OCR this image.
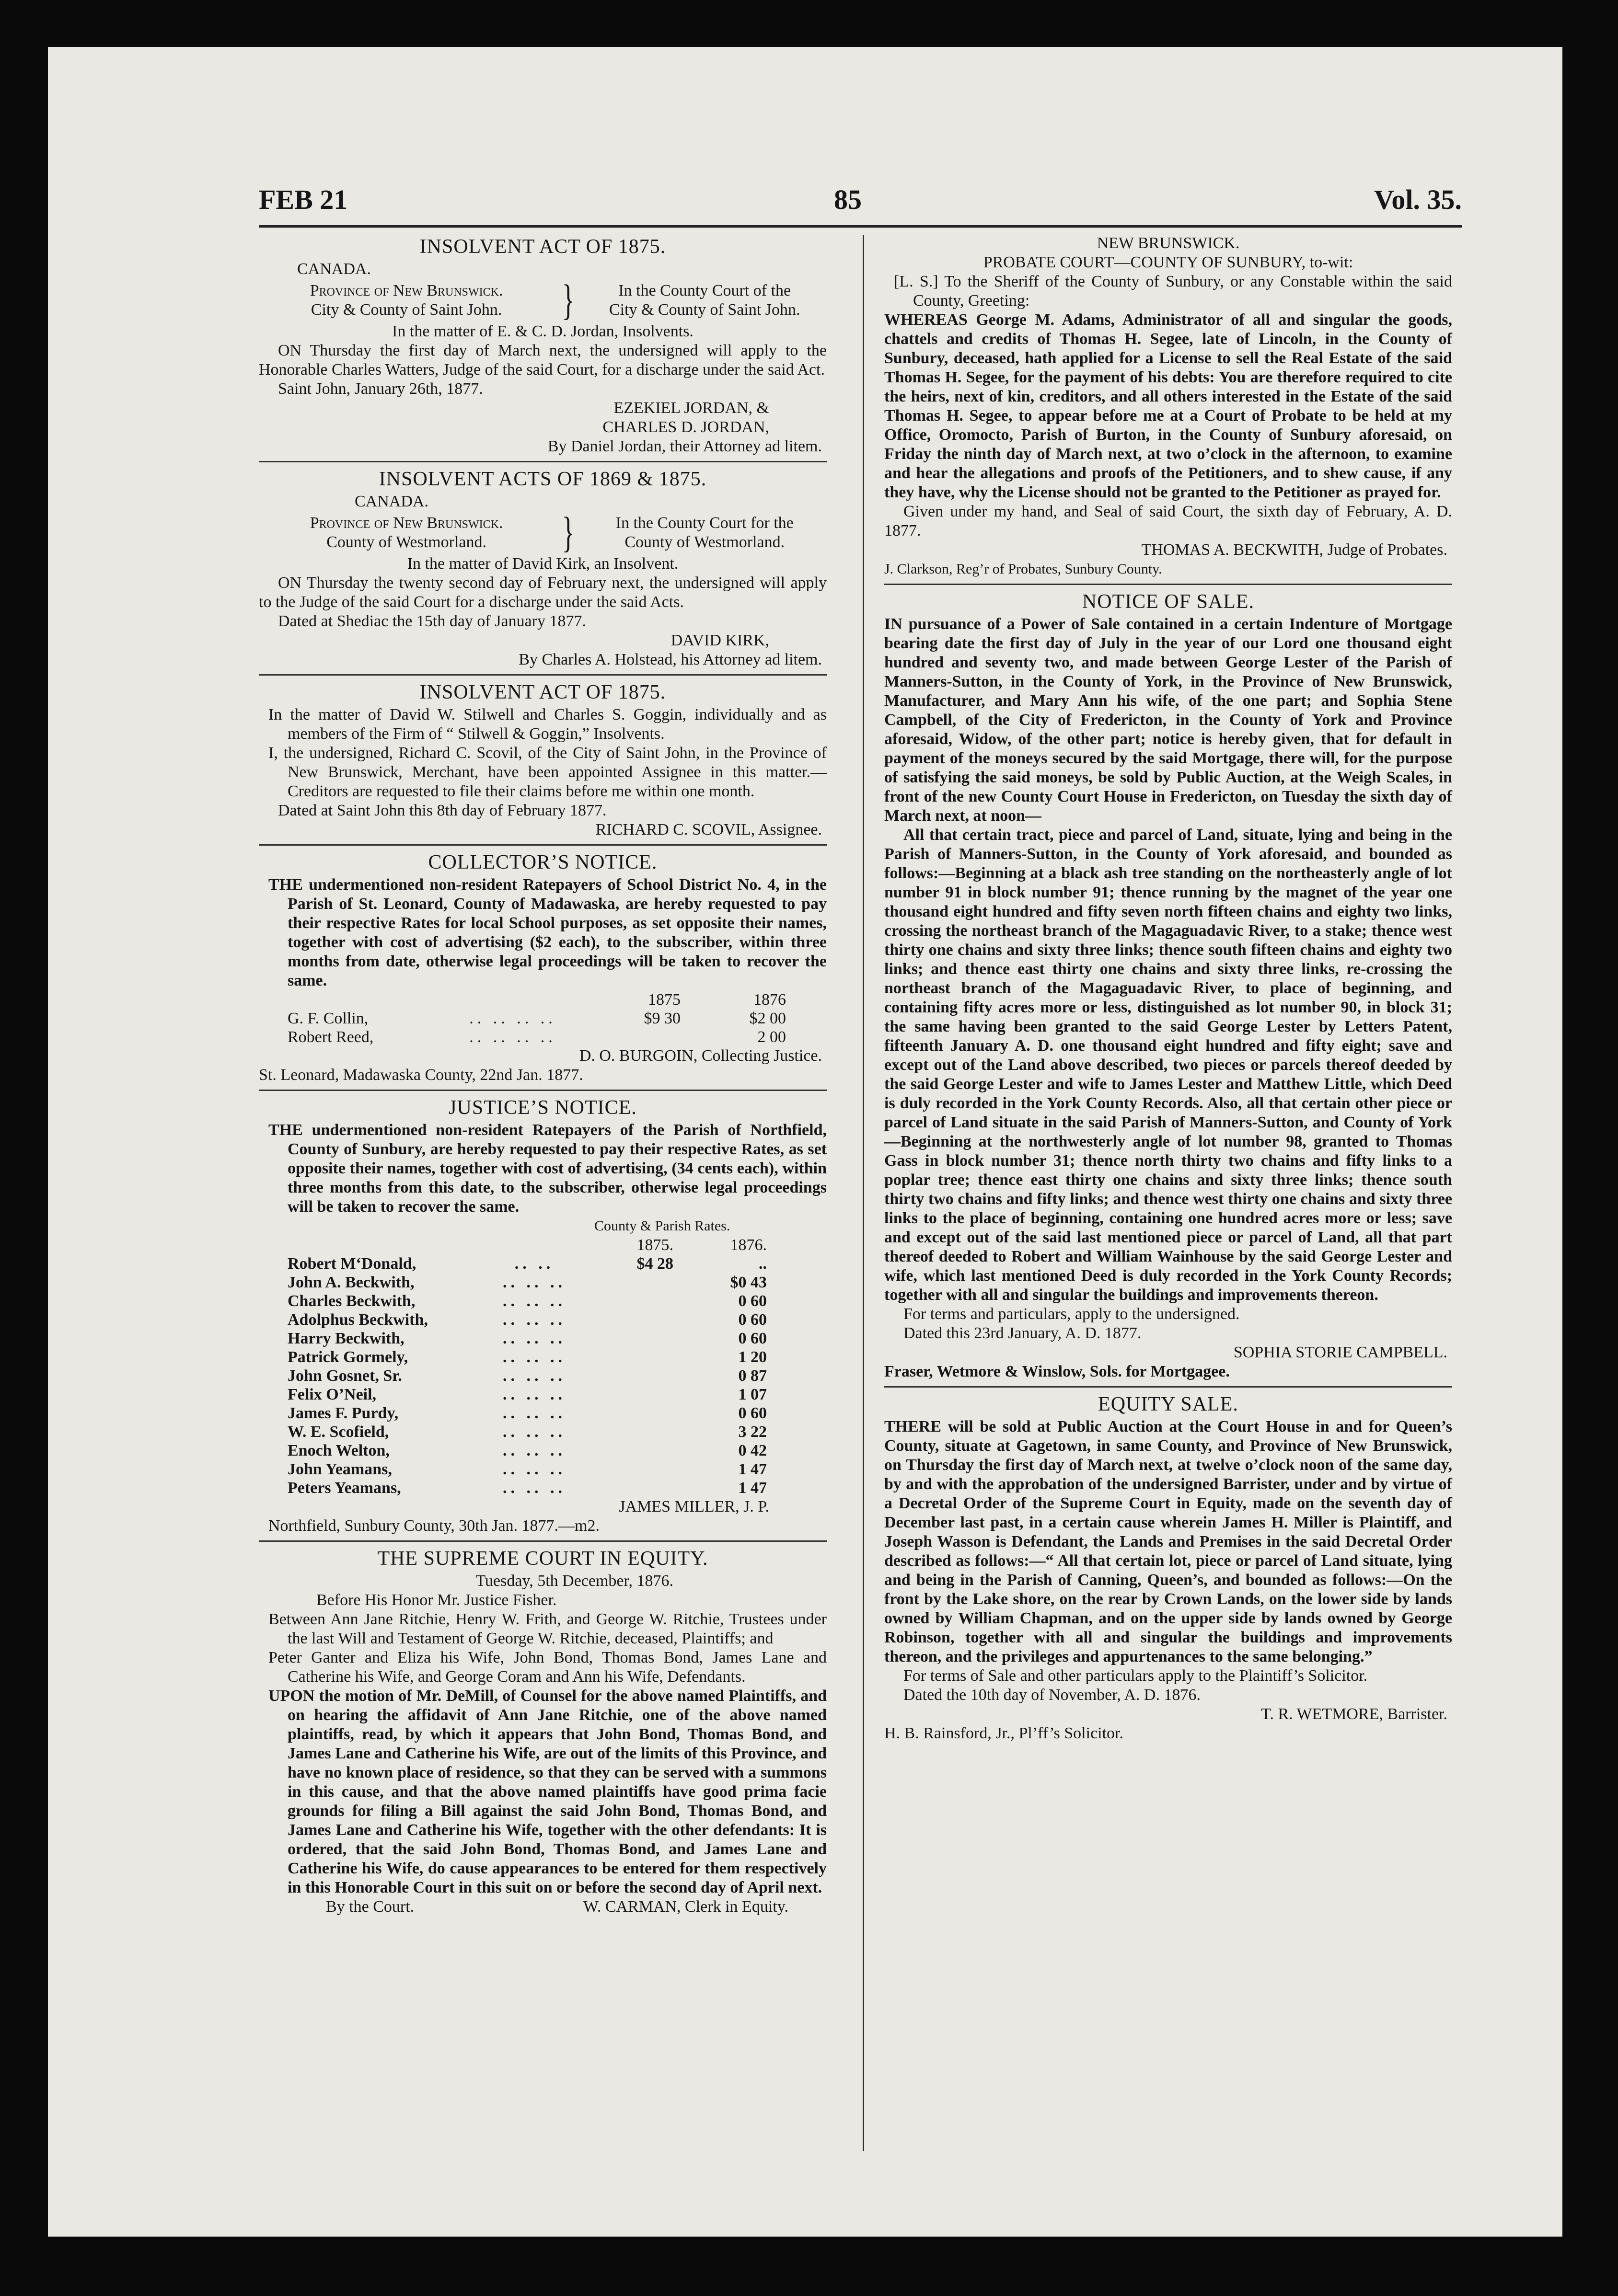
FEB 21	85	Vol. 35.
INSOLVENT ACT OF 1875.
CANADA.
Province of New Brunswick.
City & County of Saint John.	}	In the County Court of the
City & County of Saint John.
In the matter of E. & C. D. Jordan, Insolvents.
ON Thursday the first day of March next, the undersigned will apply to the Honorable Charles Watters, Judge of the said Court, for a discharge under the said Act.
Saint John, January 26th, 1877.
EZEKIEL JORDAN, &
CHARLES D. JORDAN,
By Daniel Jordan, their Attorney ad litem.
INSOLVENT ACTS OF 1869 & 1875.
CANADA.
Province of New Brunswick.
County of Westmorland.	}	In the County Court for the
County of Westmorland.
In the matter of David Kirk, an Insolvent.
ON Thursday the twenty second day of February next, the undersigned will apply to the Judge of the said Court for a discharge under the said Acts.
Dated at Shediac the 15th day of January 1877.
DAVID KIRK,
By Charles A. Holstead, his Attorney ad litem.
INSOLVENT ACT OF 1875.
In the matter of David W. Stilwell and Charles S. Goggin, individually and as members of the Firm of “ Stilwell & Goggin,” Insolvents.
I, the undersigned, Richard C. Scovil, of the City of Saint John, in the Province of New Brunswick, Merchant, have been appointed Assignee in this matter.—Creditors are requested to file their claims before me within one month.
Dated at Saint John this 8th day of February 1877.
RICHARD C. SCOVIL, Assignee.
COLLECTOR’S NOTICE.
THE undermentioned non-resident Ratepayers of School District No. 4, in the Parish of St. Leonard, County of Madawaska, are hereby requested to pay their respective Rates for local School purposes, as set opposite their names, together with cost of advertising ($2 each), to the subscriber, within three months from date, otherwise legal proceedings will be taken to recover the same.
		1875	1876
G. F. Collin,	.. .. .. ..	$9 30	$2 00
Robert Reed,	.. .. .. ..		2 00
D. O. BURGOIN, Collecting Justice.
St. Leonard, Madawaska County, 22nd Jan. 1877.
JUSTICE’S NOTICE.
THE undermentioned non-resident Ratepayers of the Parish of Northfield, County of Sunbury, are hereby requested to pay their respective Rates, as set opposite their names, together with cost of advertising, (34 cents each), within three months from this date, to the subscriber, otherwise legal proceedings will be taken to recover the same.
County & Parish Rates.
		1875.	1876.
Robert M‘Donald,	.. ..	$4 28	..
John A. Beckwith,	.. .. ..		$0 43
Charles Beckwith,	.. .. ..		0 60
Adolphus Beckwith,	.. .. ..		0 60
Harry Beckwith,	.. .. ..		0 60
Patrick Gormely,	.. .. ..		1 20
John Gosnet, Sr.	.. .. ..		0 87
Felix O’Neil,	.. .. ..		1 07
James F. Purdy,	.. .. ..		0 60
W. E. Scofield,	.. .. ..		3 22
Enoch Welton,	.. .. ..		0 42
John Yeamans,	.. .. ..		1 47
Peters Yeamans,	.. .. ..		1 47
JAMES MILLER, J. P.
Northfield, Sunbury County, 30th Jan. 1877.—m2.
THE SUPREME COURT IN EQUITY.
Tuesday, 5th December, 1876.
Before His Honor Mr. Justice Fisher.
Between Ann Jane Ritchie, Henry W. Frith, and George W. Ritchie, Trustees under the last Will and Testament of George W. Ritchie, deceased, Plaintiffs; and
Peter Ganter and Eliza his Wife, John Bond, Thomas Bond, James Lane and Catherine his Wife, and George Coram and Ann his Wife, Defendants.
UPON the motion of Mr. DeMill, of Counsel for the above named Plaintiffs, and on hearing the affidavit of Ann Jane Ritchie, one of the above named plaintiffs, read, by which it appears that John Bond, Thomas Bond, and James Lane and Catherine his Wife, are out of the limits of this Province, and have no known place of residence, so that they can be served with a summons in this cause, and that the above named plaintiffs have good prima facie grounds for filing a Bill against the said John Bond, Thomas Bond, and James Lane and Catherine his Wife, together with the other defendants: It is ordered, that the said John Bond, Thomas Bond, and James Lane and Catherine his Wife, do cause appearances to be entered for them respectively in this Honorable Court in this suit on or before the second day of April next.
By the Court.	W. CARMAN, Clerk in Equity.
NEW BRUNSWICK.
PROBATE COURT—COUNTY OF SUNBURY, to-wit:
[L. S.] To the Sheriff of the County of Sunbury, or any Constable within the said County, Greeting:
WHEREAS George M. Adams, Administrator of all and singular the goods, chattels and credits of Thomas H. Segee, late of Lincoln, in the County of Sunbury, deceased, hath applied for a License to sell the Real Estate of the said Thomas H. Segee, for the payment of his debts: You are therefore required to cite the heirs, next of kin, creditors, and all others interested in the Estate of the said Thomas H. Segee, to appear before me at a Court of Probate to be held at my Office, Oromocto, Parish of Burton, in the County of Sunbury aforesaid, on Friday the ninth day of March next, at two o’clock in the afternoon, to examine and hear the allegations and proofs of the Petitioners, and to shew cause, if any they have, why the License should not be granted to the Petitioner as prayed for.
Given under my hand, and Seal of said Court, the sixth day of February, A. D. 1877.
THOMAS A. BECKWITH, Judge of Probates.
J. Clarkson, Reg’r of Probates, Sunbury County.
NOTICE OF SALE.
IN pursuance of a Power of Sale contained in a certain Indenture of Mortgage bearing date the first day of July in the year of our Lord one thousand eight hundred and seventy two, and made between George Lester of the Parish of Manners-Sutton, in the County of York, in the Province of New Brunswick, Manufacturer, and Mary Ann his wife, of the one part; and Sophia Stene Campbell, of the City of Fredericton, in the County of York and Province aforesaid, Widow, of the other part; notice is hereby given, that for default in payment of the moneys secured by the said Mortgage, there will, for the purpose of satisfying the said moneys, be sold by Public Auction, at the Weigh Scales, in front of the new County Court House in Fredericton, on Tuesday the sixth day of March next, at noon—
All that certain tract, piece and parcel of Land, situate, lying and being in the Parish of Manners-Sutton, in the County of York aforesaid, and bounded as follows:—Beginning at a black ash tree standing on the northeasterly angle of lot number 91 in block number 91; thence running by the magnet of the year one thousand eight hundred and fifty seven north fifteen chains and eighty two links, crossing the northeast branch of the Magaguadavic River, to a stake; thence west thirty one chains and sixty three links; thence south fifteen chains and eighty two links; and thence east thirty one chains and sixty three links, re-crossing the northeast branch of the Magaguadavic River, to place of beginning, and containing fifty acres more or less, distinguished as lot number 90, in block 31; the same having been granted to the said George Lester by Letters Patent, fifteenth January A. D. one thousand eight hundred and fifty eight; save and except out of the Land above described, two pieces or parcels thereof deeded by the said George Lester and wife to James Lester and Matthew Little, which Deed is duly recorded in the York County Records. Also, all that certain other piece or parcel of Land situate in the said Parish of Manners-Sutton, and County of York—Beginning at the northwesterly angle of lot number 98, granted to Thomas Gass in block number 31; thence north thirty two chains and fifty links to a poplar tree; thence east thirty one chains and sixty three links; thence south thirty two chains and fifty links; and thence west thirty one chains and sixty three links to the place of beginning, containing one hundred acres more or less; save and except out of the said last mentioned piece or parcel of Land, all that part thereof deeded to Robert and William Wainhouse by the said George Lester and wife, which last mentioned Deed is duly recorded in the York County Records; together with all and singular the buildings and improvements thereon.
For terms and particulars, apply to the undersigned.
Dated this 23rd January, A. D. 1877.
SOPHIA STORIE CAMPBELL.
Fraser, Wetmore & Winslow, Sols. for Mortgagee.
EQUITY SALE.
THERE will be sold at Public Auction at the Court House in and for Queen’s County, situate at Gagetown, in same County, and Province of New Brunswick, on Thursday the first day of March next, at twelve o’clock noon of the same day, by and with the approbation of the undersigned Barrister, under and by virtue of a Decretal Order of the Supreme Court in Equity, made on the seventh day of December last past, in a certain cause wherein James H. Miller is Plaintiff, and Joseph Wasson is Defendant, the Lands and Premises in the said Decretal Order described as follows:—“ All that certain lot, piece or parcel of Land situate, lying and being in the Parish of Canning, Queen’s, and bounded as follows:—On the front by the Lake shore, on the rear by Crown Lands, on the lower side by lands owned by William Chapman, and on the upper side by lands owned by George Robinson, together with all and singular the buildings and improvements thereon, and the privileges and appurtenances to the same belonging.”
For terms of Sale and other particulars apply to the Plaintiff’s Solicitor.
Dated the 10th day of November, A. D. 1876.
T. R. WETMORE, Barrister.
H. B. Rainsford, Jr., Pl’ff’s Solicitor.
